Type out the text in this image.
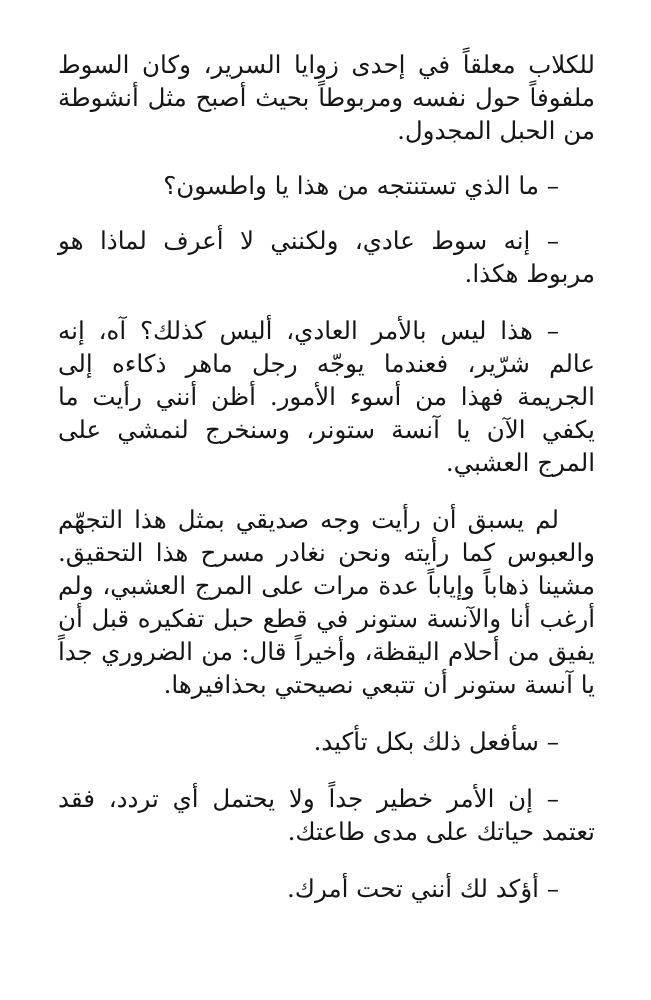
للكلاب معلقاً في إحدى زوايا السرير، وكان السوط ملفوفاً حول نفسه ومربوطاً بحيث أصبح مثل أنشوطة من الحبل المجدول.

– ما الذي تستنتجه من هذا يا واطسون؟

– إنه سوط عادي، ولكنني لا أعرف لماذا هو مربوط هكذا.

– هذا ليس بالأمر العادي، أليس كذلك؟ آه، إنه عالم شرّير، فعندما يوجّه رجل ماهر ذكاءه إلى الجريمة فهذا من أسوء الأمور. أظن أنني رأيت ما يكفي الآن يا آنسة ستونر، وسنخرج لنمشي على المرج العشبي.

لم يسبق أن رأيت وجه صديقي بمثل هذا التجهّم والعبوس كما رأيته ونحن نغادر مسرح هذا التحقيق. مشينا ذهاباً وإياباً عدة مرات على المرج العشبي، ولم أرغب أنا والآنسة ستونر في قطع حبل تفكيره قبل أن يفيق من أحلام اليقظة، وأخيراً قال: من الضروري جداً يا آنسة ستونر أن تتبعي نصيحتي بحذافيرها.

– سأفعل ذلك بكل تأكيد.

– إن الأمر خطير جداً ولا يحتمل أي تردد، فقد تعتمد حياتك على مدى طاعتك.

– أؤكد لك أنني تحت أمرك.
